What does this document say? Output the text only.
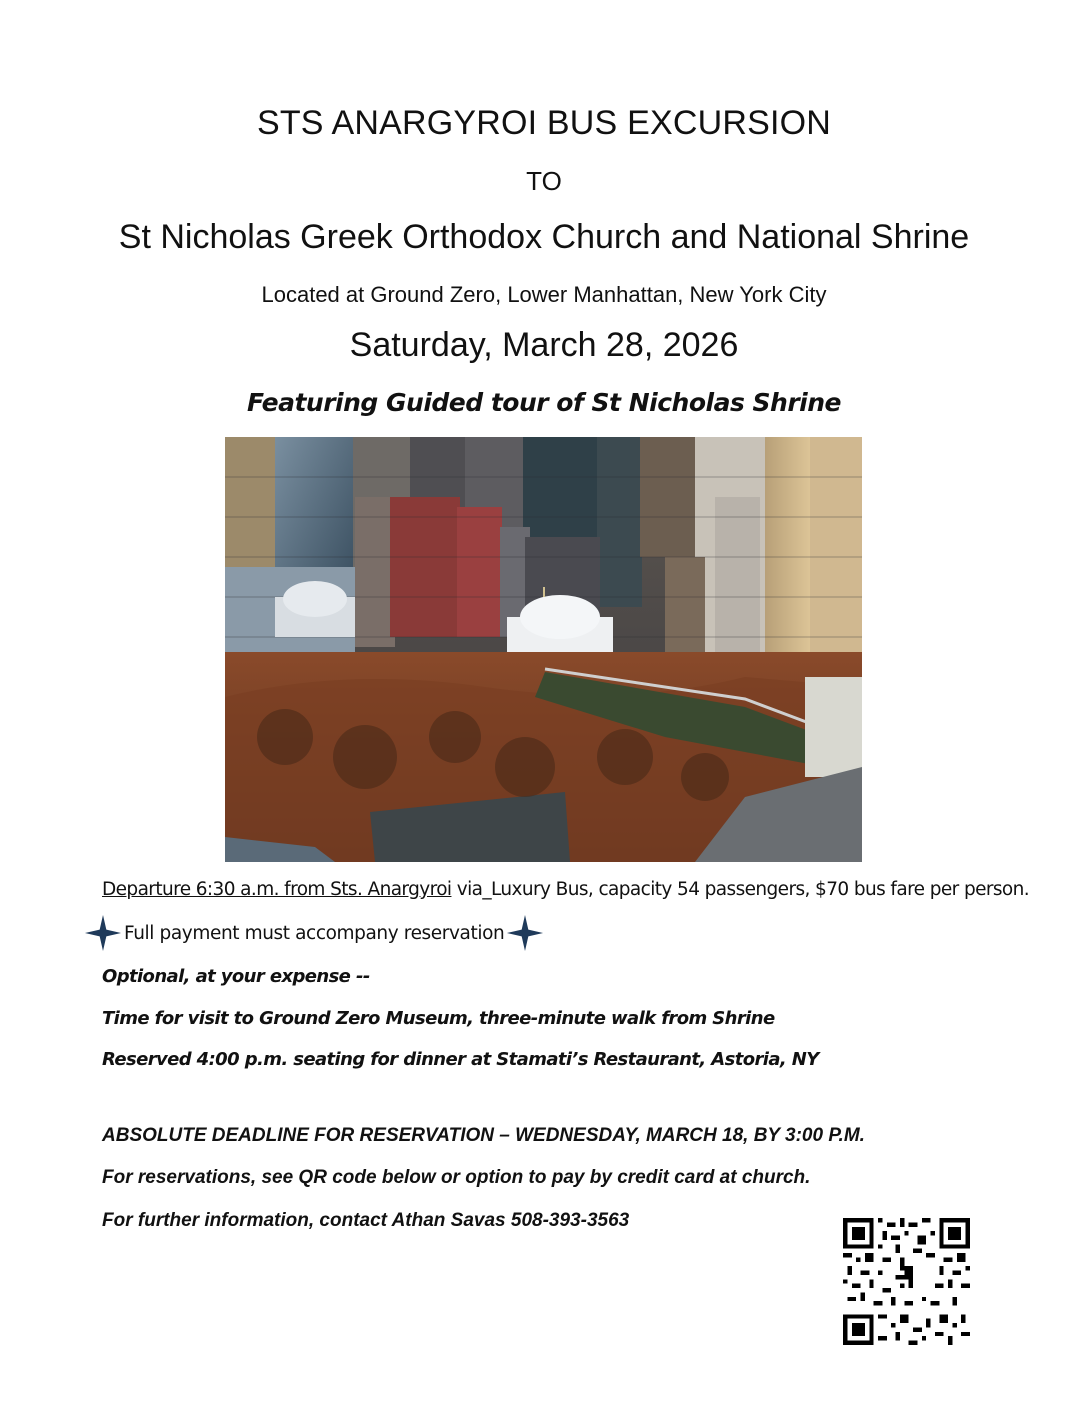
STS ANARGYROI BUS EXCURSION
TO
St Nicholas Greek Orthodox Church and National Shrine
Located at Ground Zero, Lower Manhattan, New York City
Saturday, March 28, 2026
Featuring Guided tour of St Nicholas Shrine
Departure 6:30 a.m. from Sts. Anargyroi via_Luxury Bus, capacity 54 passengers, $70 bus fare per person.
Full payment must accompany reservation
Optional, at your expense --
Time for visit to Ground Zero Museum, three-minute walk from Shrine
Reserved 4:00 p.m. seating for dinner at Stamati’s Restaurant, Astoria, NY
ABSOLUTE DEADLINE FOR RESERVATION – WEDNESDAY, MARCH 18, BY 3:00 P.M.
For reservations, see QR code below or option to pay by credit card at church.
For further information, contact Athan Savas 508-393-3563
